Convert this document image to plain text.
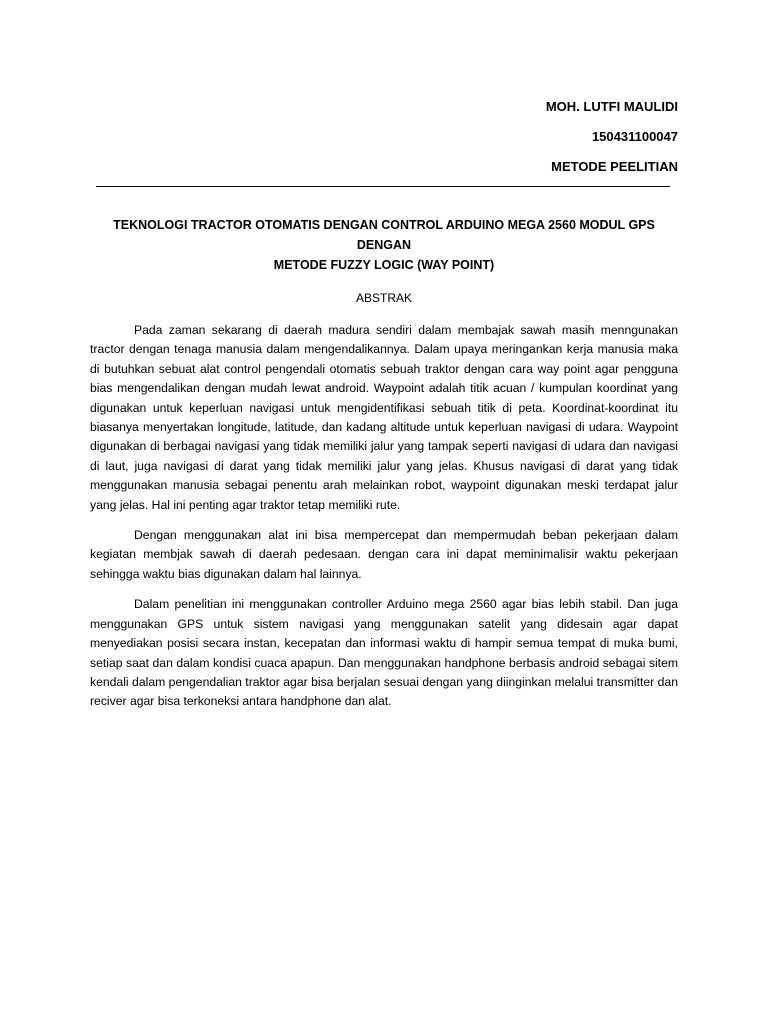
MOH. LUTFI MAULIDI
150431100047
METODE PEELITIAN
TEKNOLOGI TRACTOR OTOMATIS DENGAN CONTROL ARDUINO MEGA 2560 MODUL GPS DENGAN
METODE FUZZY LOGIC (WAY POINT)
ABSTRAK

Pada zaman sekarang di daerah madura sendiri dalam membajak sawah masih menngunakan tractor dengan tenaga manusia dalam mengendalikannya. Dalam upaya meringankan kerja manusia maka di butuhkan sebuat alat control pengendali otomatis sebuah traktor dengan cara way point agar pengguna bias mengendalikan dengan mudah lewat android. Waypoint adalah titik acuan / kumpulan koordinat yang digunakan untuk keperluan navigasi untuk mengidentifikasi sebuah titik di peta. Koordinat-koordinat itu biasanya menyertakan longitude, latitude, dan kadang altitude untuk keperluan navigasi di udara. Waypoint digunakan di berbagai navigasi yang tidak memiliki jalur yang tampak seperti navigasi di udara dan navigasi di laut, juga navigasi di darat yang tidak memiliki jalur yang jelas. Khusus navigasi di darat yang tidak menggunakan manusia sebagai penentu arah melainkan robot, waypoint digunakan meski terdapat jalur yang jelas. Hal ini penting agar traktor tetap memiliki rute.

Dengan menggunakan alat ini bisa mempercepat dan mempermudah beban pekerjaan dalam kegiatan membjak sawah di daerah pedesaan. dengan cara ini dapat meminimalisir waktu pekerjaan sehingga waktu bias digunakan dalam hal lainnya.

Dalam penelitian ini menggunakan controller Arduino mega 2560 agar bias lebih stabil. Dan juga menggunakan GPS untuk sistem navigasi yang menggunakan satelit yang didesain agar dapat menyediakan posisi secara instan, kecepatan dan informasi waktu di hampir semua tempat di muka bumi, setiap saat dan dalam kondisi cuaca apapun. Dan menggunakan handphone berbasis android sebagai sitem kendali dalam pengendalian traktor agar bisa berjalan sesuai dengan yang diinginkan melalui transmitter dan reciver agar bisa terkoneksi antara handphone dan alat.
